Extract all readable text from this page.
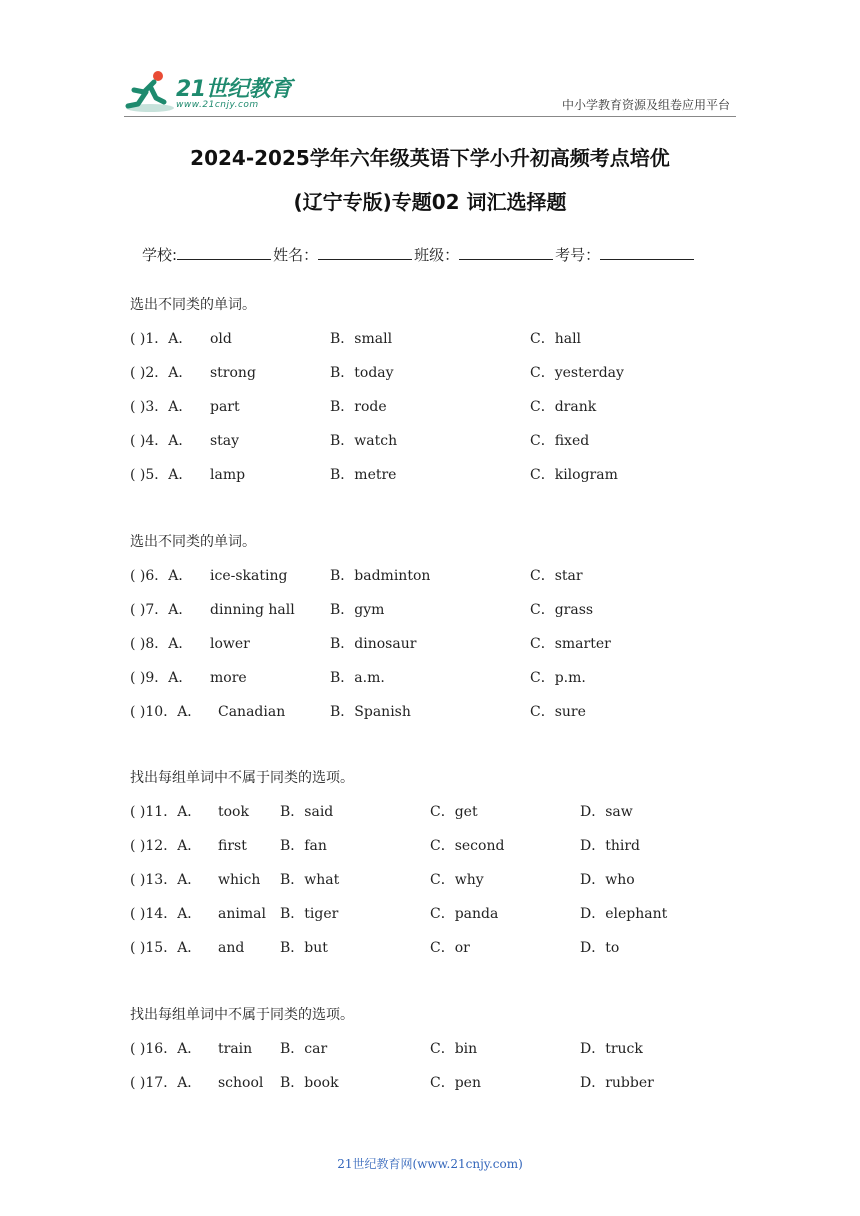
21世纪教育
www.21cnjy.com	中小学教育资源及组卷应用平台
2024-2025学年六年级英语下学小升初高频考点培优
(辽宁专版)专题02 词汇选择题
学校:	姓名：	班级：	考号：
选出不同类的单词。
( )1．A． old	B．small	C．hall
( )2．A． strong	B．today	C．yesterday
( )3．A． part	B．rode	C．drank
( )4．A． stay	B．watch	C．fixed
( )5．A． lamp	B．metre	C．kilogram
选出不同类的单词。
( )6．A． ice-skating	B．badminton	C．star
( )7．A． dinning hall	B．gym	C．grass
( )8．A． lower	B．dinosaur	C．smarter
( )9．A． more	B．a.m.	C．p.m.
( )10．A． Canadian	B．Spanish	C．sure
找出每组单词中不属于同类的选项。
( )11．A． took B．said	C．get	D．saw
( )12．A． first B．fan	C．second	D．third
( )13．A． which B．what	C．why	D．who
( )14．A． animal B．tiger	C．panda	D．elephant
( )15．A． and	B．but	C．or	D．to
找出每组单词中不属于同类的选项。
( )16．A． train B．car	C．bin	D．truck
( )17．A． school B．book	C．pen	D．rubber
21世纪教育网(www.21cnjy.com)
